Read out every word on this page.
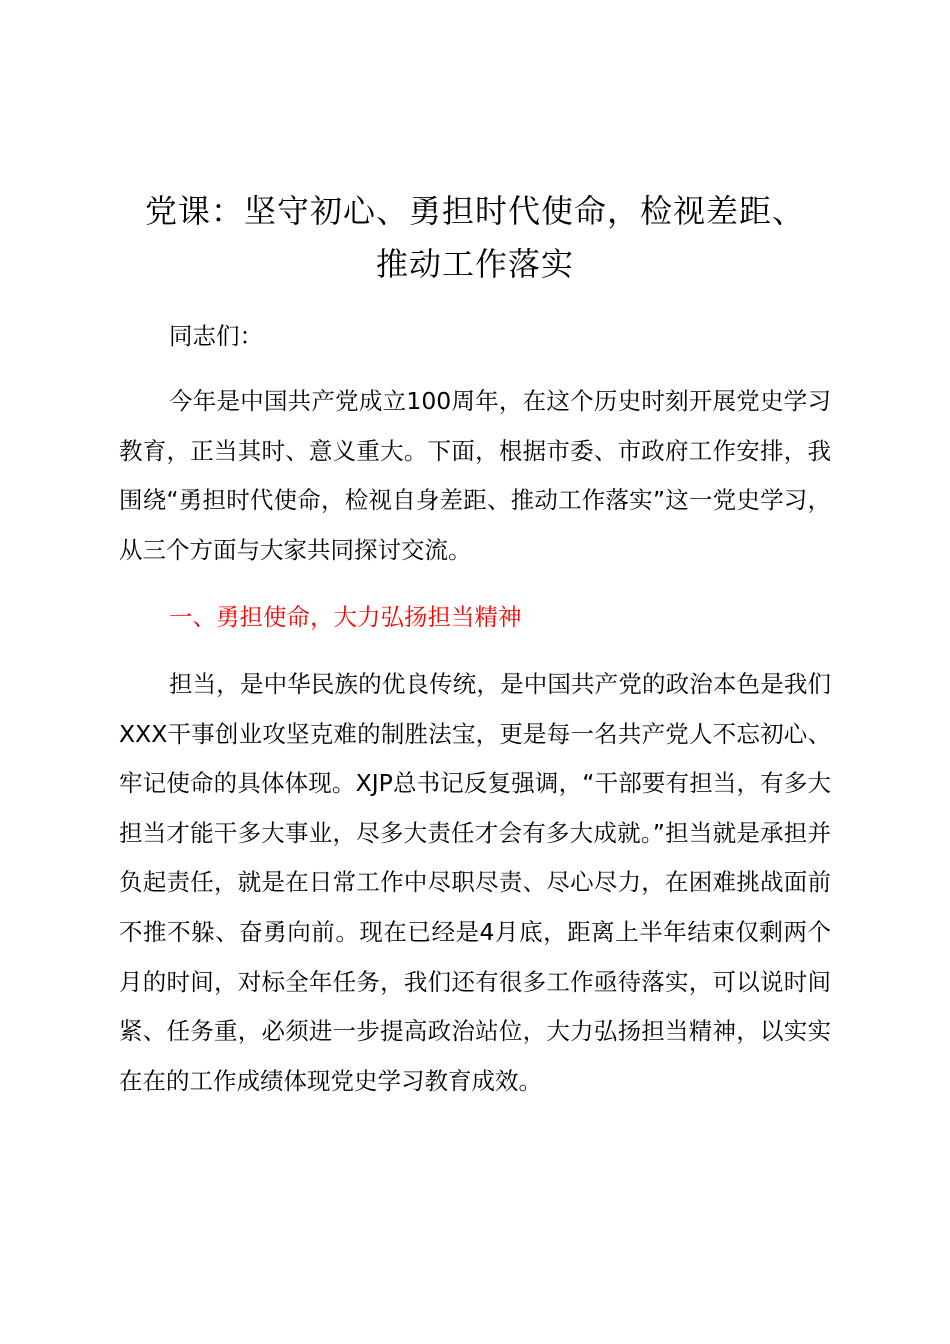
党课：坚守初心、勇担时代使命，检视差距、
推动工作落实

同志们：

今年是中国共产党成立100周年，在这个历史时刻开展党史学习教育，正当其时、意义重大。下面，根据市委、市政府工作安排，我围绕“勇担时代使命，检视自身差距、推动工作落实”这一党史学习，从三个方面与大家共同探讨交流。

一、勇担使命，大力弘扬担当精神

担当，是中华民族的优良传统，是中国共产党的政治本色是我们XXX干事创业攻坚克难的制胜法宝，更是每一名共产党人不忘初心、牢记使命的具体体现。XJP总书记反复强调，“干部要有担当，有多大担当才能干多大事业，尽多大责任才会有多大成就。”担当就是承担并负起责任，就是在日常工作中尽职尽责、尽心尽力，在困难挑战面前不推不躲、奋勇向前。现在已经是4月底，距离上半年结束仅剩两个月的时间，对标全年任务，我们还有很多工作亟待落实，可以说时间紧、任务重，必须进一步提高政治站位，大力弘扬担当精神，以实实在在的工作成绩体现党史学习教育成效。
